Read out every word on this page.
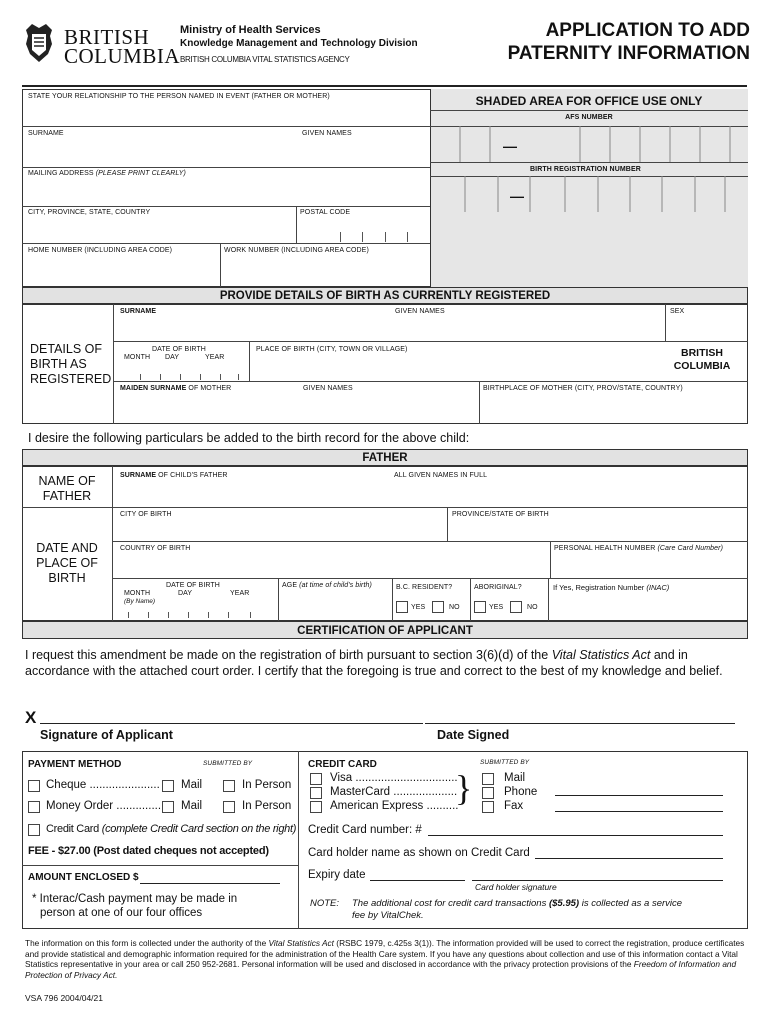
BRITISH
COLUMBIA
Ministry of Health Services
Knowledge Management and Technology Division
BRITISH COLUMBIA VITAL STATISTICS AGENCY
APPLICATION TO ADD
PATERNITY INFORMATION
STATE YOUR RELATIONSHIP TO THE PERSON NAMED IN EVENT (FATHER OR MOTHER)
SURNAME	GIVEN NAMES
MAILING ADDRESS (PLEASE PRINT CLEARLY)
CITY, PROVINCE, STATE, COUNTRY	POSTAL CODE
HOME NUMBER (INCLUDING AREA CODE)	WORK NUMBER (INCLUDING AREA CODE)
SHADED AREA FOR OFFICE USE ONLY
AFS NUMBER
—
BIRTH REGISTRATION NUMBER
—
PROVIDE DETAILS OF BIRTH AS CURRENTLY REGISTERED
DETAILS OF
BIRTH AS
REGISTERED
SURNAME	GIVEN NAMES	SEX
DATE OF BIRTH
MONTH DAY	YEAR
PLACE OF BIRTH (CITY, TOWN OR VILLAGE)	BRITISH
COLUMBIA
MAIDEN SURNAME OF MOTHER	GIVEN NAMES	BIRTHPLACE OF MOTHER (CITY, PROV/STATE, COUNTRY)
I desire the following particulars be added to the birth record for the above child:
FATHER
NAME OF
FATHER
SURNAME OF CHILD'S FATHER	ALL GIVEN NAMES IN FULL
CITY OF BIRTH	PROVINCE/STATE OF BIRTH
DATE AND
PLACE OF
BIRTH
COUNTRY OF BIRTH	PERSONAL HEALTH NUMBER (Care Card Number)
DATE OF BIRTH
MONTH
(By Name)
DAY	YEAR
AGE (at time of child's birth)	B.C. RESIDENT?
YES	NO
ABORIGINAL?
YES	NO
If Yes, Registration Number (INAC)
CERTIFICATION OF APPLICANT
I request this amendment be made on the registration of birth pursuant to section 3(6)(d) of the Vital Statistics Act and in accordance with the attached court order. I certify that the foregoing is true and correct to the best of my knowledge and belief.
X
Signature of Applicant	Date Signed
PAYMENT METHOD	SUBMITTED BY
Cheque ...................... Mail	In Person
Money Order .............. Mail	In Person
Credit Card (complete Credit Card section on the right)
FEE - $27.00 (Post dated cheques not accepted)
AMOUNT ENCLOSED $
* Interac/Cash payment may be made in
person at one of our four offices
CREDIT CARD	SUBMITTED BY
Visa ................................
MasterCard ....................
American Express ..........
}	Mail
Phone
Fax
Credit Card number: #
Card holder name as shown on Credit Card
Expiry date
Card holder signature
NOTE: The additional cost for credit card transactions ($5.95) is collected as a service fee by VitalChek.
The information on this form is collected under the authority of the Vital Statistics Act (RSBC 1979, c.425s 3(1)). The information provided will be used to correct the registration, produce certificates and provide statistical and demographic information required for the administration of the Health Care system. If you have any questions about collection and use of this information contact a Vital Statistics representative in your area or call 250 952-2681. Personal information will be used and disclosed in accordance with the privacy protection provisions of the Freedom of Information and Protection of Privacy Act.
VSA 796 2004/04/21
